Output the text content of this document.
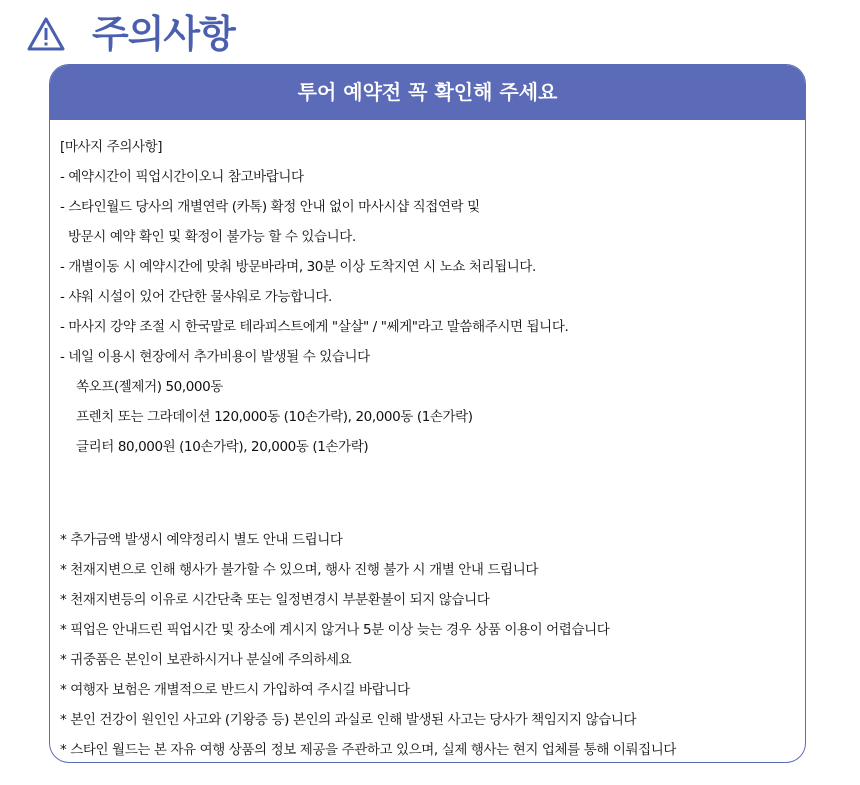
주의사항
투어 예약전 꼭 확인해 주세요
[마사지 주의사항]
- 예약시간이 픽업시간이오니 참고바랍니다
- 스타인월드 당사의 개별연락 (카톡) 확정 안내 없이 마사시샵 직접연락 및
방문시 예약 확인 및 확정이 불가능 할 수 있습니다.
- 개별이동 시 예약시간에 맞춰 방문바라며, 30분 이상 도착지연 시 노쇼 처리됩니다.
- 샤워 시설이 있어 간단한 물샤워로 가능합니다.
- 마사지 강약 조절 시 한국말로 테라피스트에게 "살살" / "쎄게"라고 말씀해주시면 됩니다.
- 네일 이용시 현장에서 추가비용이 발생될 수 있습니다
쏙오프(젤제거) 50,000동
프렌치 또는 그라데이션 120,000동 (10손가락), 20,000동 (1손가락)
글리터 80,000원 (10손가락), 20,000동 (1손가락)
* 추가금액 발생시 예약정리시 별도 안내 드립니다
* 천재지변으로 인해 행사가 불가할 수 있으며, 행사 진행 불가 시 개별 안내 드립니다
* 천재지변등의 이유로 시간단축 또는 일정변경시 부분환불이 되지 않습니다
* 픽업은 안내드린 픽업시간 및 장소에 계시지 않거나 5분 이상 늦는 경우 상품 이용이 어렵습니다
* 귀중품은 본인이 보관하시거나 분실에 주의하세요
* 여행자 보험은 개별적으로 반드시 가입하여 주시길 바랍니다
* 본인 건강이 원인인 사고와 (기왕증 등) 본인의 과실로 인해 발생된 사고는 당사가 책임지지 않습니다
* 스타인 월드는 본 자유 여행 상품의 정보 제공을 주관하고 있으며, 실제 행사는 현지 업체를 통해 이뤄집니다
